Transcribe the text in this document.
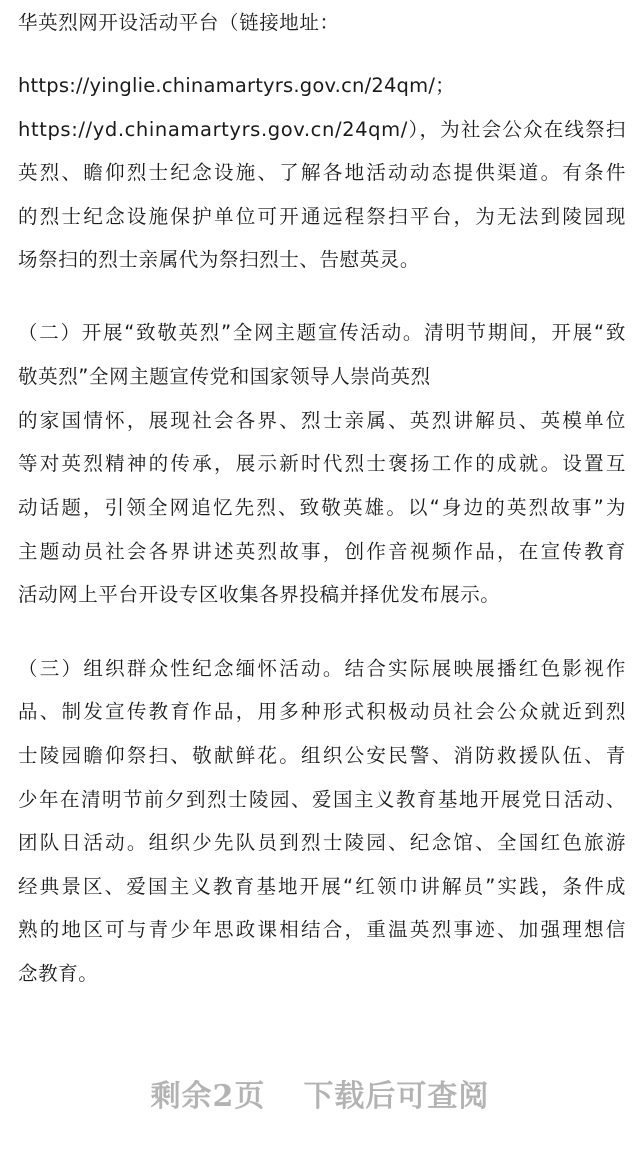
华英烈网开设活动平台（链接地址：
https://yinglie.chinamartyrs.gov.cn/24qm/；
https://yd.chinamartyrs.gov.cn/24qm/），为社会公众在线祭扫
英烈、瞻仰烈士纪念设施、了解各地活动动态提供渠道。有条件
的烈士纪念设施保护单位可开通远程祭扫平台，为无法到陵园现
场祭扫的烈士亲属代为祭扫烈士、告慰英灵。
（二）开展“致敬英烈”全网主题宣传活动。清明节期间，开展“致
敬英烈”全网主题宣传党和国家领导人崇尚英烈
的家国情怀，展现社会各界、烈士亲属、英烈讲解员、英模单位
等对英烈精神的传承，展示新时代烈士褒扬工作的成就。设置互
动话题，引领全网追忆先烈、致敬英雄。以“身边的英烈故事”为
主题动员社会各界讲述英烈故事，创作音视频作品，在宣传教育
活动网上平台开设专区收集各界投稿并择优发布展示。
（三）组织群众性纪念缅怀活动。结合实际展映展播红色影视作
品、制发宣传教育作品，用多种形式积极动员社会公众就近到烈
士陵园瞻仰祭扫、敬献鲜花。组织公安民警、消防救援队伍、青
少年在清明节前夕到烈士陵园、爱国主义教育基地开展党日活动、
团队日活动。组织少先队员到烈士陵园、纪念馆、全国红色旅游
经典景区、爱国主义教育基地开展“红领巾讲解员”实践，条件成
熟的地区可与青少年思政课相结合，重温英烈事迹、加强理想信
念教育。
剩余2页 下载后可查阅
